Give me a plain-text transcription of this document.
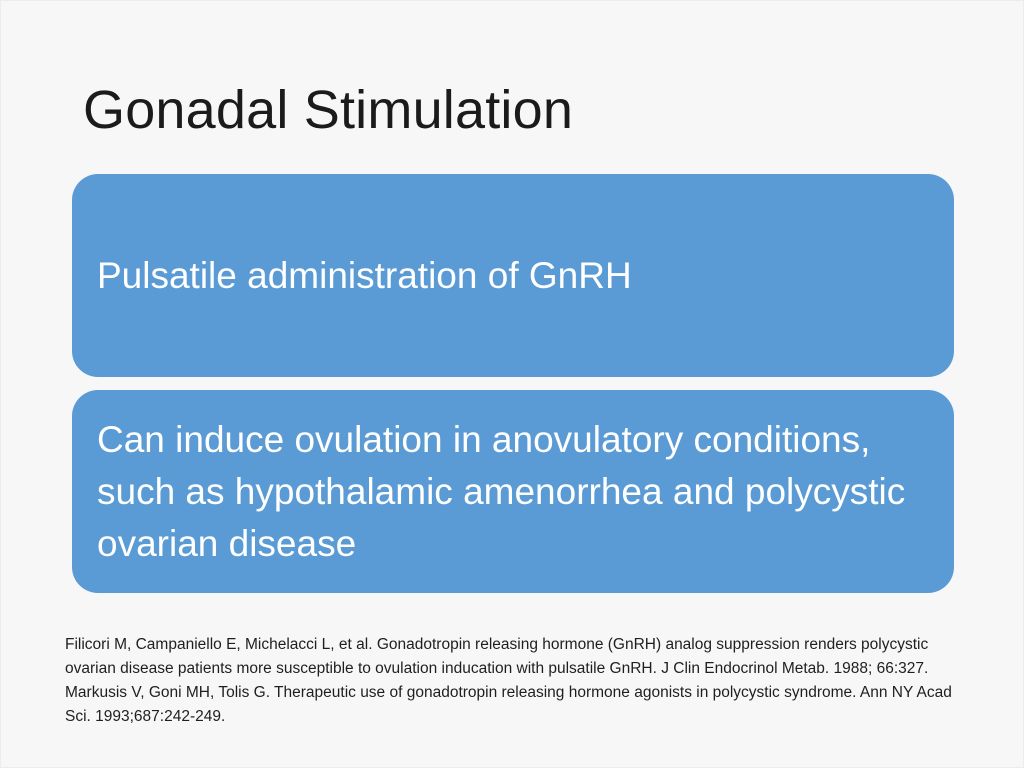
Gonadal Stimulation
Pulsatile administration of GnRH
Can induce ovulation in anovulatory conditions, such as hypothalamic amenorrhea and polycystic ovarian disease

Filicori M, Campaniello E, Michelacci L, et al. Gonadotropin releasing hormone (GnRH) analog suppression renders polycystic ovarian disease patients more susceptible to ovulation inducation with pulsatile GnRH. J Clin Endocrinol Metab. 1988; 66:327.

Markusis V, Goni MH, Tolis G. Therapeutic use of gonadotropin releasing hormone agonists in polycystic syndrome. Ann NY Acad Sci. 1993;687:242-249.
